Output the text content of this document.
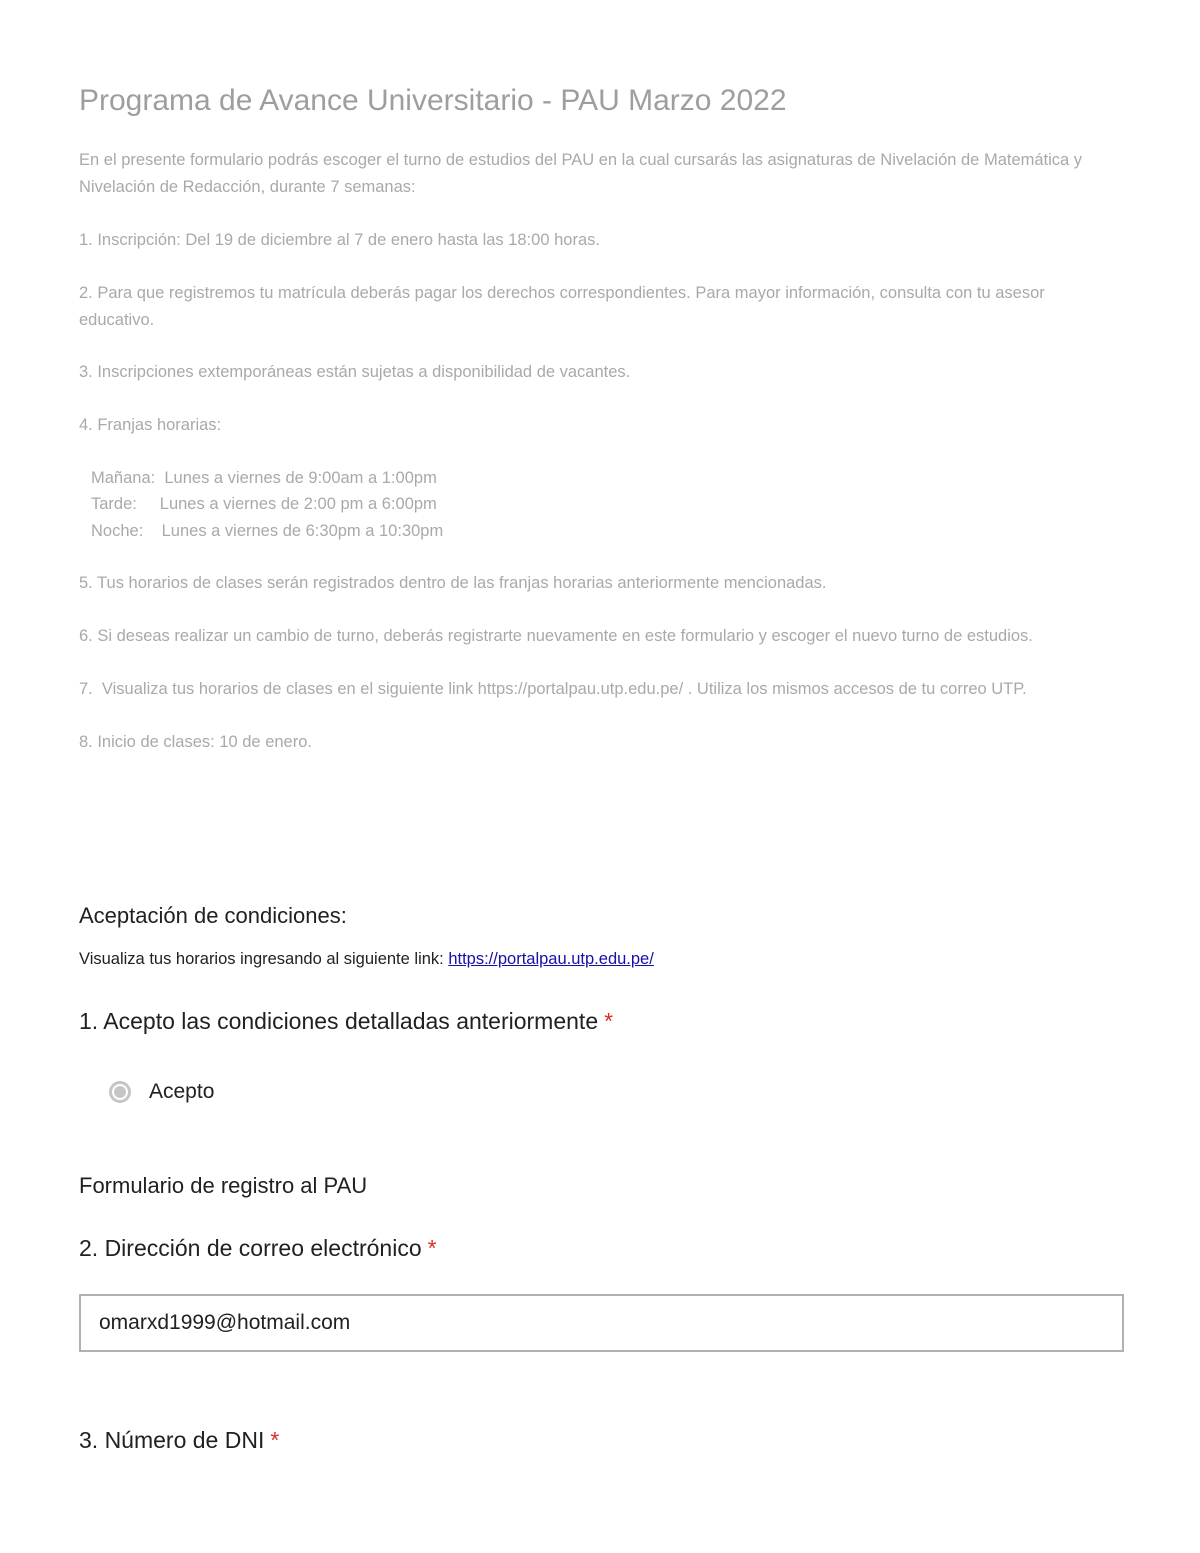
Programa de Avance Universitario - PAU Marzo 2022

En el presente formulario podrás escoger el turno de estudios del PAU en la cual cursarás las asignaturas de Nivelación de Matemática y Nivelación de Redacción, durante 7 semanas:

1. Inscripción: Del 19 de diciembre al 7 de enero hasta las 18:00 horas.

2. Para que registremos tu matrícula deberás pagar los derechos correspondientes. Para mayor información, consulta con tu asesor educativo.

3. Inscripciones extemporáneas están sujetas a disponibilidad de vacantes.

4. Franjas horarias:

Mañana:  Lunes a viernes de 9:00am a 1:00pm

Tarde:     Lunes a viernes de 2:00 pm a 6:00pm

Noche:    Lunes a viernes de 6:30pm a 10:30pm

5. Tus horarios de clases serán registrados dentro de las franjas horarias anteriormente mencionadas.

6. Si deseas realizar un cambio de turno, deberás registrarte nuevamente en este formulario y escoger el nuevo turno de estudios.

7.  Visualiza tus horarios de clases en el siguiente link https://portalpau.utp.edu.pe/ . Utiliza los mismos accesos de tu correo UTP.

8. Inicio de clases: 10 de enero.

Aceptación de condiciones:

Visualiza tus horarios ingresando al siguiente link: https://portalpau.utp.edu.pe/

1. Acepto las condiciones detalladas anteriormente *
Acepto
Formulario de registro al PAU
2. Dirección de correo electrónico *
omarxd1999@hotmail.com
3. Número de DNI *
